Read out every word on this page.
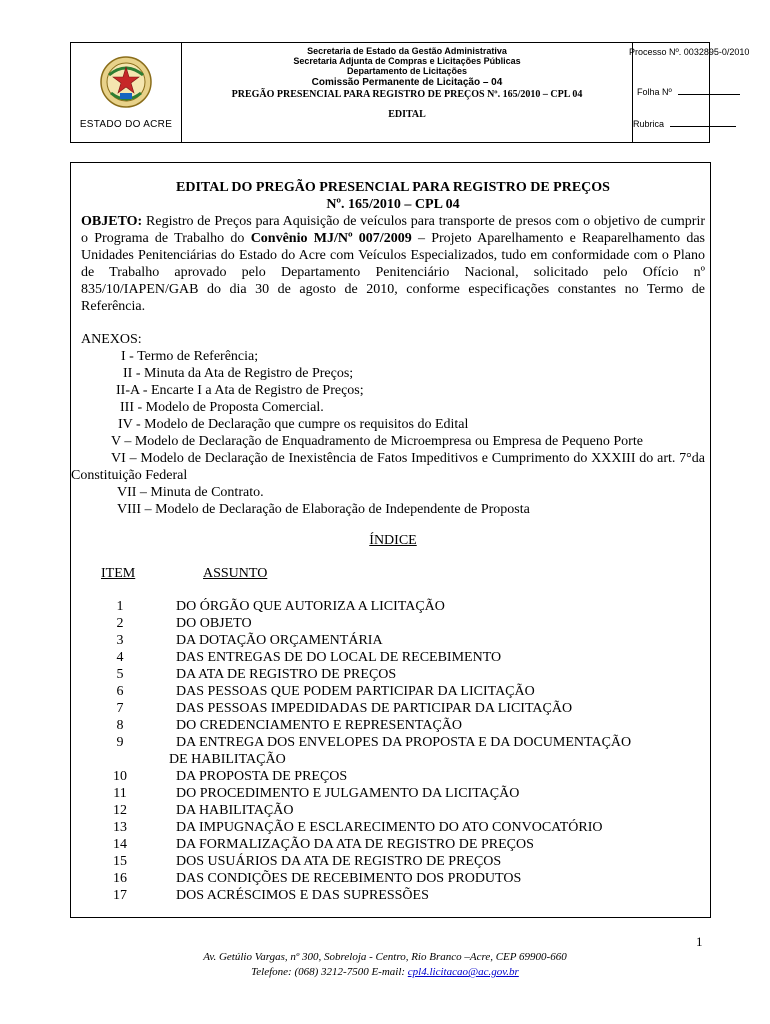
ESTADO DO ACRE
Secretaria de Estado da Gestão Administrativa
Secretaria Adjunta de Compras e Licitações Públicas
Departamento de Licitações
Comissão Permanente de Licitação – 04
PREGÃO PRESENCIAL PARA REGISTRO DE PREÇOS Nº. 165/2010 – CPL 04
EDITAL
Processo Nº. 0032895-0/2010
Folha Nº
Rubrica
EDITAL DO PREGÃO PRESENCIAL PARA REGISTRO DE PREÇOS
Nº. 165/2010 – CPL 04

OBJETO: Registro de Preços para Aquisição de veículos para transporte de presos com o objetivo de cumprir o Programa de Trabalho do Convênio MJ/Nº 007/2009 – Projeto Aparelhamento e Reaparelhamento das Unidades Penitenciárias do Estado do Acre com Veículos Especializados, tudo em conformidade com o Plano de Trabalho aprovado pelo Departamento Penitenciário Nacional, solicitado pelo Ofício nº 835/10/IAPEN/GAB do dia 30 de agosto de 2010, conforme especificações constantes no Termo de Referência.

ANEXOS:
I - Termo de Referência;
II - Minuta da Ata de Registro de Preços;
II-A - Encarte I a Ata de Registro de Preços;
III - Modelo de Proposta Comercial.
IV - Modelo de Declaração que cumpre os requisitos do Edital
V – Modelo de Declaração de Enquadramento de Microempresa ou Empresa de Pequeno Porte
VI – Modelo de Declaração de Inexistência de Fatos Impeditivos e Cumprimento do XXXIII do art. 7°da Constituição Federal
VII – Minuta de Contrato.
VIII – Modelo de Declaração de Elaboração de Independente de Proposta
ÍNDICE
ITEM	ASSUNTO
1	DO ÓRGÃO QUE AUTORIZA A LICITAÇÃO
2	DO OBJETO
3	DA DOTAÇÃO ORÇAMENTÁRIA
4	DAS ENTREGAS DE DO LOCAL DE RECEBIMENTO
5	DA ATA DE REGISTRO DE PREÇOS
6	DAS PESSOAS QUE PODEM PARTICIPAR DA LICITAÇÃO
7	DAS PESSOAS IMPEDIDADAS DE PARTICIPAR DA LICITAÇÃO
8	DO CREDENCIAMENTO E REPRESENTAÇÃO
9	DA ENTREGA DOS ENVELOPES DA PROPOSTA E DA DOCUMENTAÇÃO
DE HABILITAÇÃO
10	DA PROPOSTA DE PREÇOS
11	DO PROCEDIMENTO E JULGAMENTO DA LICITAÇÃO
12	DA HABILITAÇÃO
13	DA IMPUGNAÇÃO E ESCLARECIMENTO DO ATO CONVOCATÓRIO
14	DA FORMALIZAÇÃO DA ATA DE REGISTRO DE PREÇOS
15	DOS USUÁRIOS DA ATA DE REGISTRO DE PREÇOS
16	DAS CONDIÇÕES DE RECEBIMENTO DOS PRODUTOS
17	DOS ACRÉSCIMOS E DAS SUPRESSÕES
1
Av. Getúlio Vargas, nº 300, Sobreloja - Centro, Rio Branco –Acre, CEP 69900-660
Telefone: (068) 3212-7500 E-mail: cpl4.licitacao@ac.gov.br
